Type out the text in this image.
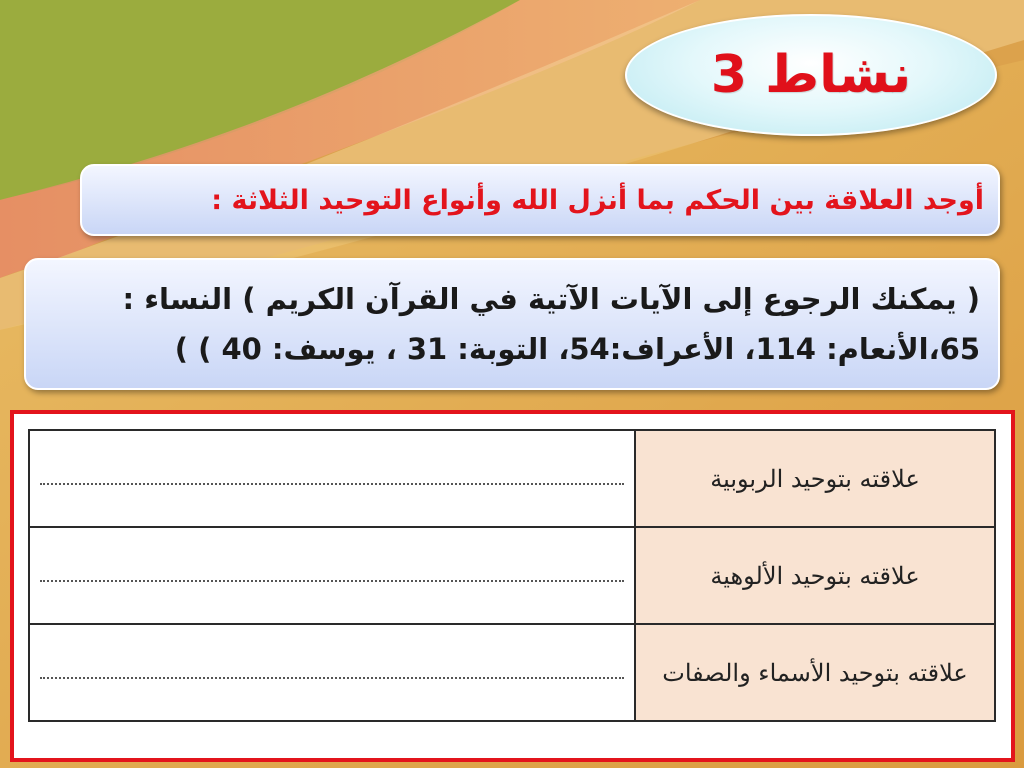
نشاط 3
أوجد العلاقة بين الحكم بما أنزل الله وأنواع التوحيد الثلاثة :

( يمكنك الرجوع إلى الآيات الآتية في القرآن الكريم ) النساء :

65،الأنعام: 114، الأعراف:54، التوبة: 31 ، يوسف: 40 ) )

علاقته بتوحيد الربوبية	

علاقته بتوحيد الألوهية	

علاقته بتوحيد الأسماء والصفات	
